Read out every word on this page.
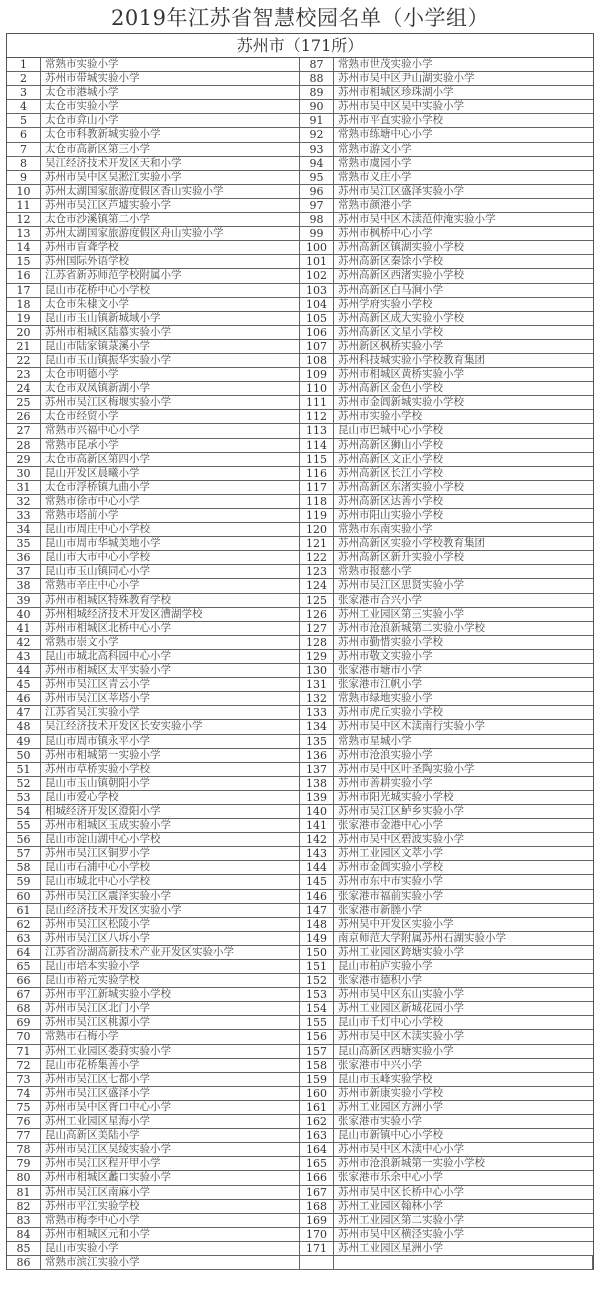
2019年江苏省智慧校园名单（小学组）
苏州市（171所）
1	常熟市实验小学
2	苏州市带城实验小学
3	太仓市港城小学
4	太仓市实验小学
5	太仓市弇山小学
6	太仓市科教新城实验小学
7	太仓市高新区第三小学
8	吴江经济技术开发区天和小学
9	苏州市吴中区吴淞江实验小学
10	苏州太湖国家旅游度假区香山实验小学
11	苏州市吴江区芦墟实验小学
12	太仓市沙溪镇第二小学
13	苏州太湖国家旅游度假区舟山实验小学
14	苏州市盲聋学校
15	苏州国际外语学校
16	江苏省新苏师范学校附属小学
17	昆山市花桥中心小学校
18	太仓市朱棣文小学
19	昆山市玉山镇新城域小学
20	苏州市相城区陆慕实验小学
21	昆山市陆家镇菉溪小学
22	昆山市玉山镇振华实验小学
23	太仓市明德小学
24	太仓市双凤镇新湖小学
25	苏州市吴江区梅堰实验小学
26	太仓市经贸小学
27	常熟市兴福中心小学
28	常熟市昆承小学
29	太仓市高新区第四小学
30	昆山开发区晨曦小学
31	太仓市浮桥镇九曲小学
32	常熟市徐市中心小学
33	常熟市塔前小学
34	昆山市周庄中心小学校
35	昆山市周市华城美地小学
36	昆山市大市中心小学校
37	昆山市玉山镇同心小学
38	常熟市辛庄中心小学
39	苏州市相城区特殊教育学校
40	苏州相城经济技术开发区漕湖学校
41	苏州市相城区北桥中心小学
42	常熟市崇文小学
43	昆山市城北高科园中心小学
44	苏州市相城区太平实验小学
45	苏州市吴江区青云小学
46	苏州市吴江区莘塔小学
47	江苏省吴江实验小学
48	吴江经济技术开发区长安实验小学
49	昆山市周市镇永平小学
50	苏州市相城第一实验小学
51	苏州市草桥实验小学校
52	昆山市玉山镇朝阳小学
53	昆山市爱心学校
54	相城经济开发区澄阳小学
55	苏州市相城区玉成实验小学
56	昆山市淀山湖中心小学校
57	苏州市吴江区铜罗小学
58	昆山市石浦中心小学校
59	昆山市城北中心小学校
60	苏州市吴江区震泽实验小学
61	昆山经济技术开发区实验小学
62	苏州市吴江区松陵小学
63	苏州市吴江区八坼小学
64	江苏省汾湖高新技术产业开发区实验小学
65	昆山市培本实验小学
66	昆山市裕元实验学校
67	苏州市平江新城实验小学校
68	苏州市吴江区北门小学
69	苏州市吴江区桃源小学
70	常熟市石梅小学
71	苏州工业园区娄葑实验小学
72	昆山市花桥集善小学
73	苏州市吴江区七都小学
74	苏州市吴江区盛泽小学
75	苏州市吴中区胥口中心小学
76	苏州工业园区星海小学
77	昆山高新区美陆小学
78	苏州市吴江区吴绫实验小学
79	苏州市吴江区程开甲小学
80	苏州市相城区蠡口实验小学
81	苏州市吴江区南麻小学
82	苏州市平江实验学校
83	常熟市梅李中心小学
84	苏州市相城区元和小学
85	昆山市实验小学
86	常熟市滨江实验小学
87	常熟市世茂实验小学
88	苏州市吴中区尹山湖实验小学
89	苏州市相城区珍珠湖小学
90	苏州市吴中区吴中实验小学
91	苏州市平直实验小学校
92	常熟市练塘中心小学
93	常熟市游文小学
94	常熟市虞园小学
95	常熟市义庄小学
96	苏州市吴江区盛泽实验小学
97	常熟市颜港小学
98	苏州市吴中区木渎范仲淹实验小学
99	苏州市枫桥中心小学
100	苏州高新区镇湖实验小学校
101	苏州高新区秦馀小学校
102	苏州高新区西渚实验小学校
103	苏州高新区白马涧小学
104	苏州学府实验小学校
105	苏州高新区成大实验小学校
106	苏州高新区文星小学校
107	苏州新区枫桥实验小学
108	苏州科技城实验小学校教育集团
109	苏州市相城区黄桥实验小学
110	苏州高新区金色小学校
111	苏州市金阊新城实验小学校
112	苏州市实验小学校
113	昆山市巴城中心小学校
114	苏州高新区狮山小学校
115	苏州高新区文正小学校
116	苏州高新区长江小学校
117	苏州高新区东渚实验小学校
118	苏州高新区达善小学校
119	苏州市阳山实验小学校
120	常熟市东南实验小学
121	苏州高新区实验小学校教育集团
122	苏州高新区新升实验小学校
123	常熟市报慈小学
124	苏州市吴江区思贤实验小学
125	张家港市合兴小学
126	苏州工业园区第三实验小学
127	苏州市沧浪新城第二实验小学校
128	苏州市勤惜实验小学校
129	苏州市敬文实验小学
130	张家港市塘市小学
131	张家港市江帆小学
132	常熟市绿地实验小学
133	苏州市虎丘实验小学校
134	苏州市吴中区木渎南行实验小学
135	常熟市星城小学
136	苏州市沧浪实验小学
137	苏州市吴中区叶圣陶实验小学
138	苏州市善耕实验小学
139	苏州市阳光城实验小学校
140	苏州市吴江区鲈乡实验小学
141	张家港市金港中心小学
142	苏州市吴中区碧波实验小学
143	苏州工业园区文萃小学
144	苏州市金阊实验小学校
145	苏州市东中市实验小学
146	张家港市福前实验小学
147	张家港市新塍小学
148	苏州吴中开发区实验小学
149	南京师范大学附属苏州石湖实验小学
150	苏州工业园区跨塘实验小学
151	昆山市柏庐实验小学
152	张家港市德积小学
153	苏州市吴中区东山实验小学
154	苏州工业园区新城花园小学
155	昆山市千灯中心小学校
156	苏州市吴中区木渎实验小学
157	昆山高新区西塘实验小学
158	张家港市中兴小学
159	昆山市玉峰实验学校
160	苏州市新康实验小学校
161	苏州工业园区方洲小学
162	张家港市实验小学
163	昆山市新镇中心小学校
164	苏州市吴中区木渎中心小学
165	苏州市沧浪新城第一实验小学校
166	张家港市乐余中心小学
167	苏州市吴中区长桥中心小学
168	苏州工业园区翰林小学
169	苏州工业园区第二实验小学
170	苏州市吴中区横泾实验小学
171	苏州工业园区星洲小学
